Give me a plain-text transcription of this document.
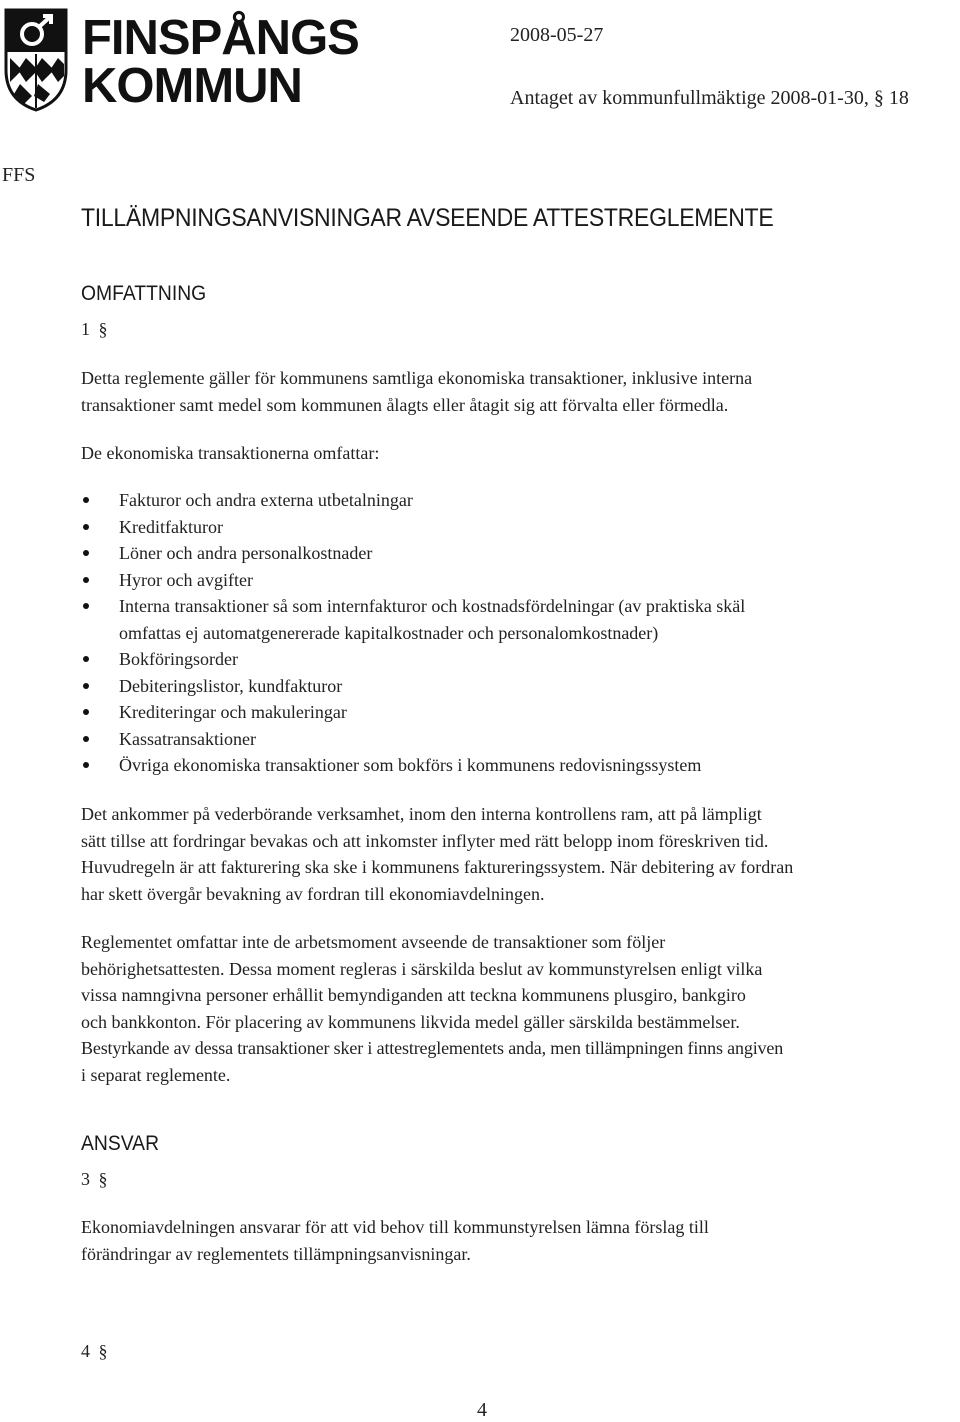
FINSPÅNGS
KOMMUN
2008-05-27
Antaget av kommunfullmäktige 2008-01-30, § 18
FFS
TILLÄMPNINGSANVISNINGAR AVSEENDE ATTESTREGLEMENTE
OMFATTNING
1 §
Detta reglemente gäller för kommunens samtliga ekonomiska transaktioner, inklusive interna
transaktioner samt medel som kommunen ålagts eller åtagit sig att förvalta eller förmedla.
De ekonomiska transaktionerna omfattar:
Fakturor och andra externa utbetalningar
Kreditfakturor
Löner och andra personalkostnader
Hyror och avgifter
Interna transaktioner så som internfakturor och kostnadsfördelningar (av praktiska skäl
omfattas ej automatgenererade kapitalkostnader och personalomkostnader)
Bokföringsorder
Debiteringslistor, kundfakturor
Krediteringar och makuleringar
Kassatransaktioner
Övriga ekonomiska transaktioner som bokförs i kommunens redovisningssystem
Det ankommer på vederbörande verksamhet, inom den interna kontrollens ram, att på lämpligt
sätt tillse att fordringar bevakas och att inkomster inflyter med rätt belopp inom föreskriven tid.
Huvudregeln är att fakturering ska ske i kommunens faktureringssystem. När debitering av fordran
har skett övergår bevakning av fordran till ekonomiavdelningen.
Reglementet omfattar inte de arbetsmoment avseende de transaktioner som följer
behörighetsattesten. Dessa moment regleras i särskilda beslut av kommunstyrelsen enligt vilka
vissa namngivna personer erhållit bemyndiganden att teckna kommunens plusgiro, bankgiro
och bankkonton. För placering av kommunens likvida medel gäller särskilda bestämmelser.
Bestyrkande av dessa transaktioner sker i attestreglementets anda, men tillämpningen finns angiven
i separat reglemente.
ANSVAR
3 §
Ekonomiavdelningen ansvarar för att vid behov till kommunstyrelsen lämna förslag till
förändringar av reglementets tillämpningsanvisningar.
4 §
4
